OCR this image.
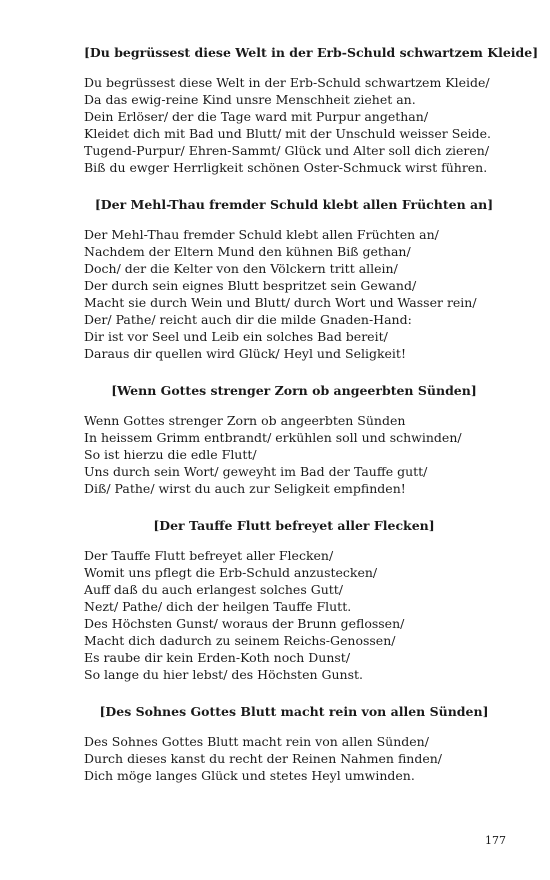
[Du begrüssest diese Welt in der Erb-Schuld schwartzem Kleide]
Du begrüssest diese Welt in der Erb-Schuld schwartzem Kleide/
Da das ewig-reine Kind unsre Menschheit ziehet an.
Dein Erlöser/ der die Tage ward mit Purpur angethan/
Kleidet dich mit Bad und Blutt/ mit der Unschuld weisser Seide.
Tugend-Purpur/ Ehren-Sammt/ Glück und Alter soll dich zieren/
Biß du ewger Herrligkeit schönen Oster-Schmuck wirst führen.
[Der Mehl-Thau fremder Schuld klebt allen Früchten an]
Der Mehl-Thau fremder Schuld klebt allen Früchten an/
Nachdem der Eltern Mund den kühnen Biß gethan/
Doch/ der die Kelter von den Völckern tritt allein/
Der durch sein eignes Blutt bespritzet sein Gewand/
Macht sie durch Wein und Blutt/ durch Wort und Wasser rein/
Der/ Pathe/ reicht auch dir die milde Gnaden-Hand:
Dir ist vor Seel und Leib ein solches Bad bereit/
Daraus dir quellen wird Glück/ Heyl und Seligkeit!
[Wenn Gottes strenger Zorn ob angeerbten Sünden]
Wenn Gottes strenger Zorn ob angeerbten Sünden
In heissem Grimm entbrandt/ erkühlen soll und schwinden/
So ist hierzu die edle Flutt/
Uns durch sein Wort/ geweyht im Bad der Tauffe gutt/
Diß/ Pathe/ wirst du auch zur Seligkeit empfinden!
[Der Tauffe Flutt befreyet aller Flecken]
Der Tauffe Flutt befreyet aller Flecken/
Womit uns pflegt die Erb-Schuld anzustecken/
Auff daß du auch erlangest solches Gutt/
Nezt/ Pathe/ dich der heilgen Tauffe Flutt.
Des Höchsten Gunst/ woraus der Brunn geflossen/
Macht dich dadurch zu seinem Reichs-Genossen/
Es raube dir kein Erden-Koth noch Dunst/
So lange du hier lebst/ des Höchsten Gunst.
[Des Sohnes Gottes Blutt macht rein von allen Sünden]
Des Sohnes Gottes Blutt macht rein von allen Sünden/
Durch dieses kanst du recht der Reinen Nahmen finden/
Dich möge langes Glück und stetes Heyl umwinden.
177
